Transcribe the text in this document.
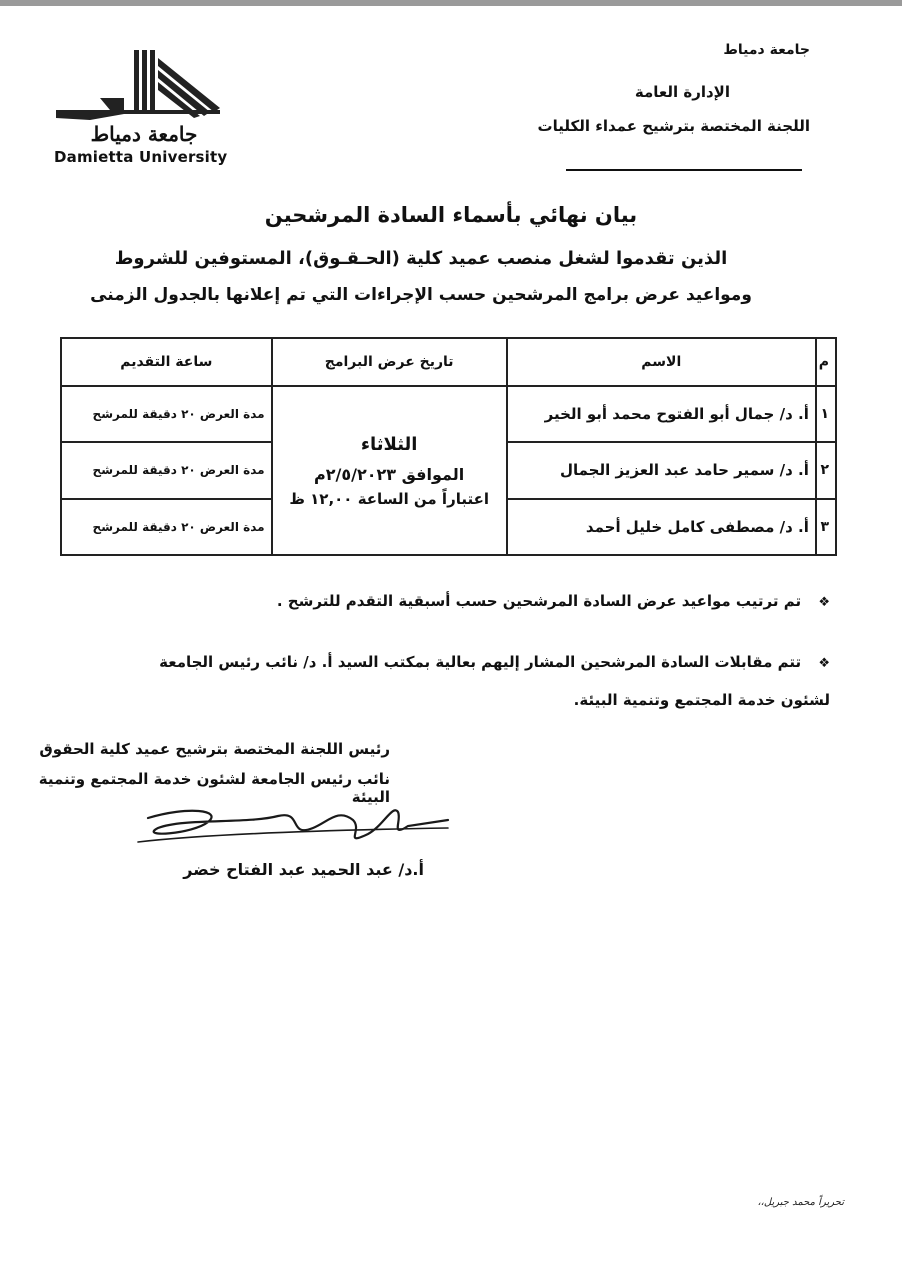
جامعة دمياط
Damietta University
جامعة دمياط
الإدارة العامة
اللجنة المختصة بترشيح عمداء الكليات
بيان نهائي بأسماء السادة المرشحين
الذين تقدموا لشغل منصب عميد كلية (الحـقـوق)، المستوفين للشروط
ومواعيد عرض برامج المرشحين حسب الإجراءات التي تم إعلانها بالجدول الزمنى
م	الاسم	تاريخ عرض البرامج	ساعة التقديم
١	أ. د/ جمال أبو الفتوح محمد أبو الخير	الثلاثاء
الموافق ٢/٥/٢٠٢٣م
اعتباراً من الساعة ١٢,٠٠ ظ	مدة العرض ٢٠ دقيقة للمرشح
٢	أ. د/ سمير حامد عبد العزيز الجمال		مدة العرض ٢٠ دقيقة للمرشح
٣	أ. د/ مصطفى كامل خليل أحمد		مدة العرض ٢٠ دقيقة للمرشح
❖ تم ترتيب مواعيد عرض السادة المرشحين حسب أسبقية التقدم للترشح .
❖ تتم مقابلات السادة المرشحين المشار إليهم بعالية بمكتب السيد أ. د/ نائب رئيس الجامعة لشئون خدمة المجتمع وتنمية البيئة.
رئيس اللجنة المختصة بترشيح عميد كلية الحقوق
نائب رئيس الجامعة لشئون خدمة المجتمع وتنمية البيئة
أ.د/ عبد الحميد عبد الفتاح خضر
تحريراً محمد جبريل،،
